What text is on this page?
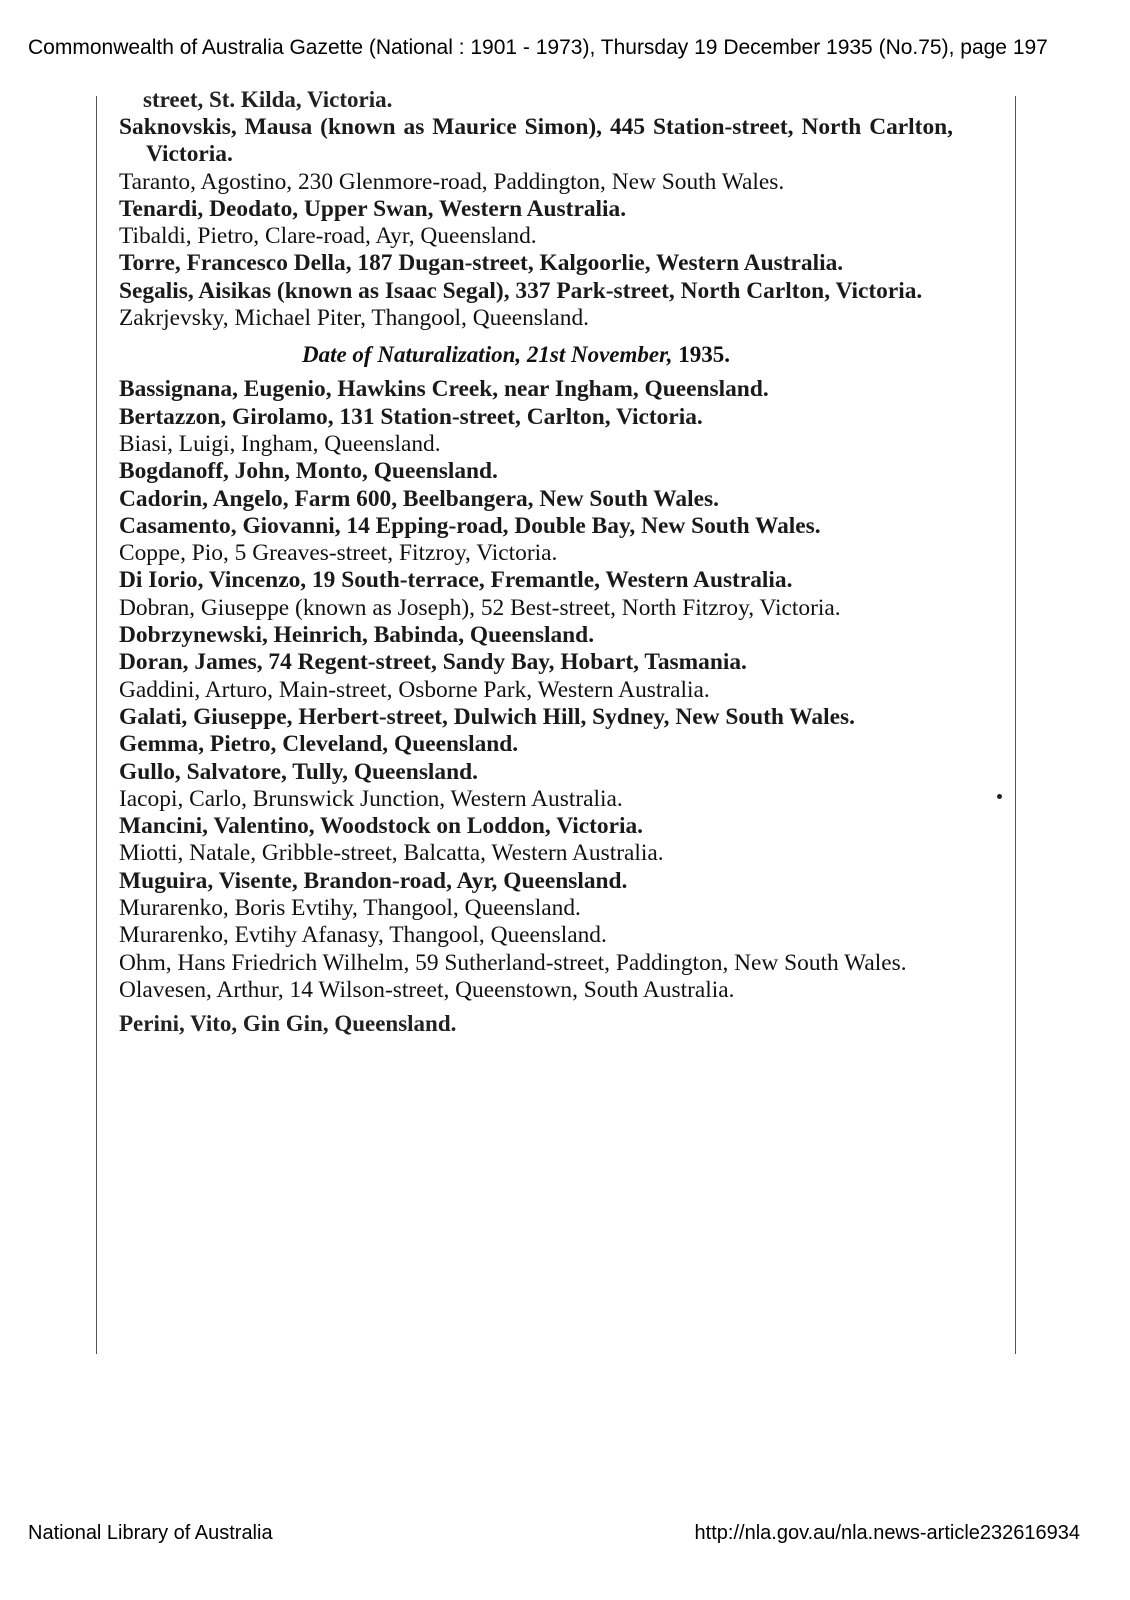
Commonwealth of Australia Gazette (National : 1901 - 1973), Thursday 19 December 1935 (No.75), page 197
street, St. Kilda, Victoria.

Saknovskis, Mausa (known as Maurice Simon), 445 Station-street, North Carlton, Victoria.

Taranto, Agostino, 230 Glenmore-road, Paddington, New South Wales.

Tenardi, Deodato, Upper Swan, Western Australia.

Tibaldi, Pietro, Clare-road, Ayr, Queensland.

Torre, Francesco Della, 187 Dugan-street, Kalgoorlie, Western Australia.

Segalis, Aisikas (known as Isaac Segal), 337 Park-street, North Carlton, Victoria.

Zakrjevsky, Michael Piter, Thangool, Queensland.

Date of Naturalization, 21st November, 1935.

Bassignana, Eugenio, Hawkins Creek, near Ingham, Queensland.

Bertazzon, Girolamo, 131 Station-street, Carlton, Victoria.

Biasi, Luigi, Ingham, Queensland.

Bogdanoff, John, Monto, Queensland.

Cadorin, Angelo, Farm 600, Beelbangera, New South Wales.

Casamento, Giovanni, 14 Epping-road, Double Bay, New South Wales.

Coppe, Pio, 5 Greaves-street, Fitzroy, Victoria.

Di Iorio, Vincenzo, 19 South-terrace, Fremantle, Western Australia.

Dobran, Giuseppe (known as Joseph), 52 Best-street, North Fitzroy, Victoria.

Dobrzynewski, Heinrich, Babinda, Queensland.

Doran, James, 74 Regent-street, Sandy Bay, Hobart, Tasmania.

Gaddini, Arturo, Main-street, Osborne Park, Western Australia.

Galati, Giuseppe, Herbert-street, Dulwich Hill, Sydney, New South Wales.

Gemma, Pietro, Cleveland, Queensland.

Gullo, Salvatore, Tully, Queensland.

Iacopi, Carlo, Brunswick Junction, Western Australia.

Mancini, Valentino, Woodstock on Loddon, Victoria.

Miotti, Natale, Gribble-street, Balcatta, Western Australia.

Muguira, Visente, Brandon-road, Ayr, Queensland.

Murarenko, Boris Evtihy, Thangool, Queensland.

Murarenko, Evtihy Afanasy, Thangool, Queensland.

Ohm, Hans Friedrich Wilhelm, 59 Sutherland-street, Paddington, New South Wales.

Olavesen, Arthur, 14 Wilson-street, Queenstown, South Australia.

Perini, Vito, Gin Gin, Queensland.
National Library of Australia	http://nla.gov.au/nla.news-article232616934
